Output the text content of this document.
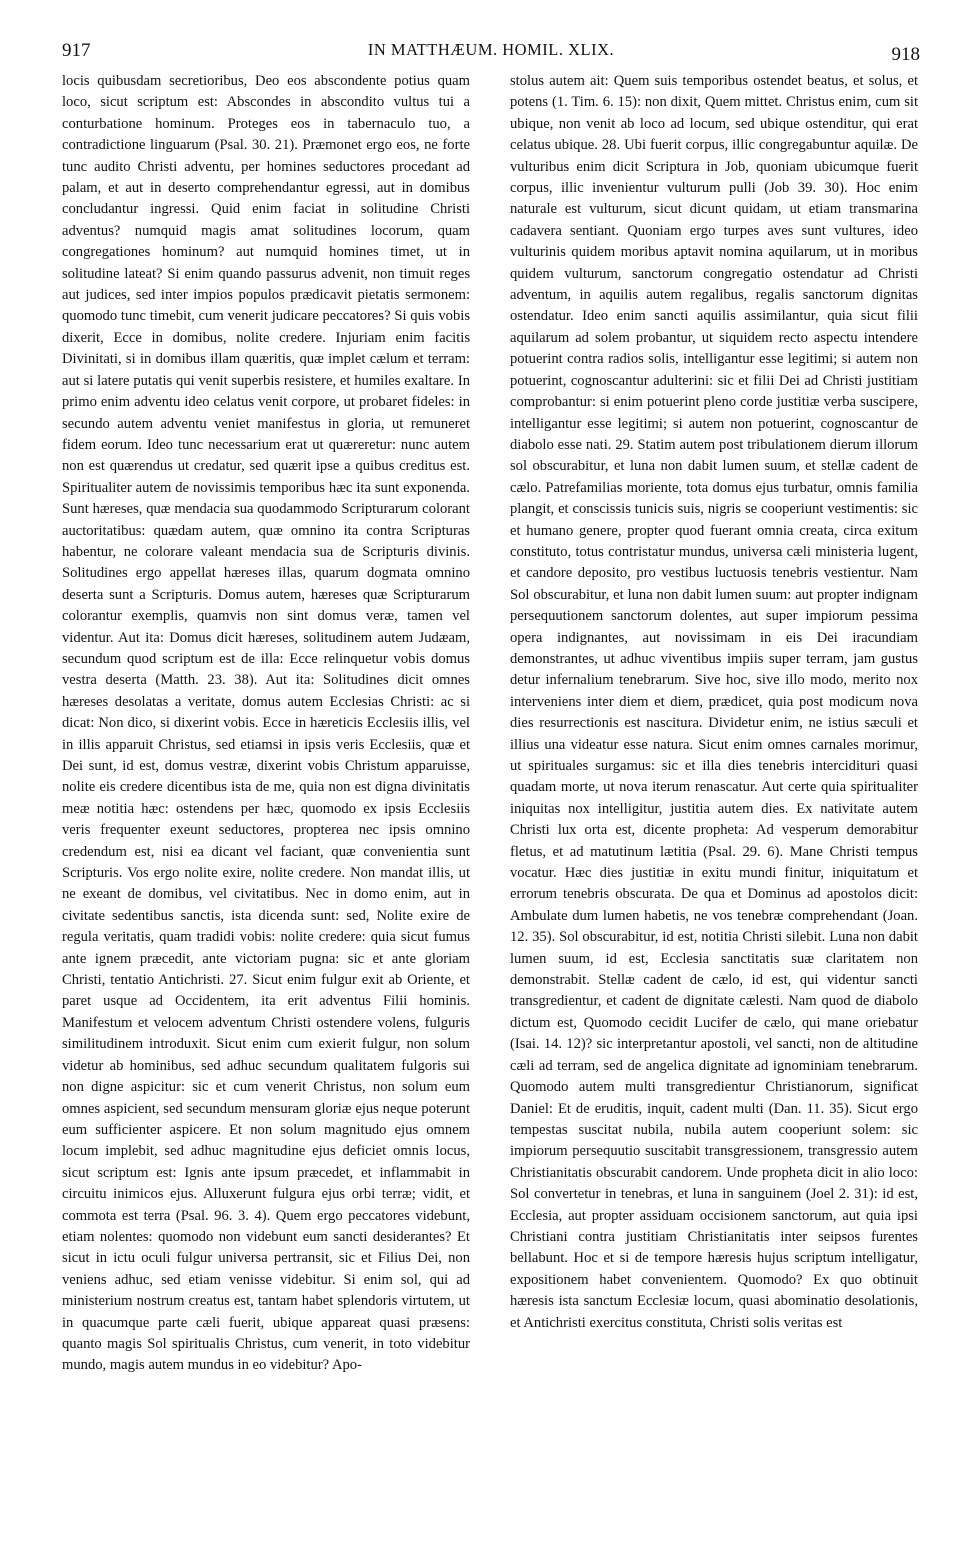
917	IN MATTHÆUM. HOMIL. XLIX.	918

locis quibusdam secretioribus, Deo eos abscondente potius quam loco, sicut scriptum est: Abscondes in abscondito vultus tui a conturbatione hominum. Proteges eos in tabernaculo tuo, a contradictione linguarum (Psal. 30. 21). Præmonet ergo eos, ne forte tunc audito Christi adventu, per homines seductores procedant ad palam, et aut in deserto comprehendantur egressi, aut in domibus concludantur ingressi. Quid enim faciat in solitudine Christi adventus? numquid magis amat solitudines locorum, quam congregationes hominum? aut numquid homines timet, ut in solitudine lateat? Si enim quando passurus advenit, non timuit reges aut judices, sed inter impios populos prædicavit pietatis sermonem: quomodo tunc timebit, cum venerit judicare peccatores? Si quis vobis dixerit, Ecce in domibus, nolite credere. Injuriam enim facitis Divinitati, si in domibus illam quæritis, quæ implet cælum et terram: aut si latere putatis qui venit superbis resistere, et humiles exaltare. In primo enim adventu ideo celatus venit corpore, ut probaret fideles: in secundo autem adventu veniet manifestus in gloria, ut remuneret fidem eorum. Ideo tunc necessarium erat ut quæreretur: nunc autem non est quærendus ut credatur, sed quærit ipse a quibus creditus est. Spiritualiter autem de novissimis temporibus hæc ita sunt exponenda. Sunt hæreses, quæ mendacia sua quodammodo Scripturarum colorant auctoritatibus: quædam autem, quæ omnino ita contra Scripturas habentur, ne colorare valeant mendacia sua de Scripturis divinis. Solitudines ergo appellat hæreses illas, quarum dogmata omnino deserta sunt a Scripturis. Domus autem, hæreses quæ Scripturarum colorantur exemplis, quamvis non sint domus veræ, tamen vel videntur. Aut ita: Domus dicit hæreses, solitudinem autem Judæam, secundum quod scriptum est de illa: Ecce relinquetur vobis domus vestra deserta (Matth. 23. 38). Aut ita: Solitudines dicit omnes hæreses desolatas a veritate, domus autem Ecclesias Christi: ac si dicat: Non dico, si dixerint vobis. Ecce in hæreticis Ecclesiis illis, vel in illis apparuit Christus, sed etiamsi in ipsis veris Ecclesiis, quæ et Dei sunt, id est, domus vestræ, dixerint vobis Christum apparuisse, nolite eis credere dicentibus ista de me, quia non est digna divinitatis meæ notitia hæc: ostendens per hæc, quomodo ex ipsis Ecclesiis veris frequenter exeunt seductores, propterea nec ipsis omnino credendum est, nisi ea dicant vel faciant, quæ convenientia sunt Scripturis. Vos ergo nolite exire, nolite credere. Non mandat illis, ut ne exeant de domibus, vel civitatibus. Nec in domo enim, aut in civitate sedentibus sanctis, ista dicenda sunt: sed, Nolite exire de regula veritatis, quam tradidi vobis: nolite credere: quia sicut fumus ante ignem præcedit, ante victoriam pugna: sic et ante gloriam Christi, tentatio Antichristi. 27. Sicut enim fulgur exit ab Oriente, et paret usque ad Occidentem, ita erit adventus Filii hominis. Manifestum et velocem adventum Christi ostendere volens, fulguris similitudinem introduxit. Sicut enim cum exierit fulgur, non solum videtur ab hominibus, sed adhuc secundum qualitatem fulgoris sui non digne aspicitur: sic et cum venerit Christus, non solum eum omnes aspicient, sed secundum mensuram gloriæ ejus neque poterunt eum sufficienter aspicere. Et non solum magnitudo ejus omnem locum implebit, sed adhuc magnitudine ejus deficiet omnis locus, sicut scriptum est: Ignis ante ipsum præcedet, et inflammabit in circuitu inimicos ejus. Alluxerunt fulgura ejus orbi terræ; vidit, et commota est terra (Psal. 96. 3. 4). Quem ergo peccatores videbunt, etiam nolentes: quomodo non videbunt eum sancti desiderantes? Et sicut in ictu oculi fulgur universa pertransit, sic et Filius Dei, non veniens adhuc, sed etiam venisse videbitur. Si enim sol, qui ad ministerium nostrum creatus est, tantam habet splendoris virtutem, ut in quacumque parte cæli fuerit, ubique appareat quasi præsens: quanto magis Sol spiritualis Christus, cum venerit, in toto videbitur mundo, magis autem mundus in eo videbitur? Apo-

stolus autem ait: Quem suis temporibus ostendet beatus, et solus, et potens (1. Tim. 6. 15): non dixit, Quem mittet. Christus enim, cum sit ubique, non venit ab loco ad locum, sed ubique ostenditur, qui erat celatus ubique. 28. Ubi fuerit corpus, illic congregabuntur aquilæ. De vulturibus enim dicit Scriptura in Job, quoniam ubicumque fuerit corpus, illic invenientur vulturum pulli (Job 39. 30). Hoc enim naturale est vulturum, sicut dicunt quidam, ut etiam transmarina cadavera sentiant. Quoniam ergo turpes aves sunt vultures, ideo vulturinis quidem moribus aptavit nomina aquilarum, ut in moribus quidem vulturum, sanctorum congregatio ostendatur ad Christi adventum, in aquilis autem regalibus, regalis sanctorum dignitas ostendatur. Ideo enim sancti aquilis assimilantur, quia sicut filii aquilarum ad solem probantur, ut siquidem recto aspectu intendere potuerint contra radios solis, intelligantur esse legitimi; si autem non potuerint, cognoscantur adulterini: sic et filii Dei ad Christi justitiam comprobantur: si enim potuerint pleno corde justitiæ verba suscipere, intelligantur esse legitimi; si autem non potuerint, cognoscantur de diabolo esse nati. 29. Statim autem post tribulationem dierum illorum sol obscurabitur, et luna non dabit lumen suum, et stellæ cadent de cælo. Patrefamilias moriente, tota domus ejus turbatur, omnis familia plangit, et conscissis tunicis suis, nigris se cooperiunt vestimentis: sic et humano genere, propter quod fuerant omnia creata, circa exitum constituto, totus contristatur mundus, universa cæli ministeria lugent, et candore deposito, pro vestibus luctuosis tenebris vestientur. Nam Sol obscurabitur, et luna non dabit lumen suum: aut propter indignam persequutionem sanctorum dolentes, aut super impiorum pessima opera indignantes, aut novissimam in eis Dei iracundiam demonstrantes, ut adhuc viventibus impiis super terram, jam gustus detur infernalium tenebrarum. Sive hoc, sive illo modo, merito nox interveniens inter diem et diem, prædicet, quia post modicum nova dies resurrectionis est nascitura. Dividetur enim, ne istius sæculi et illius una videatur esse natura. Sicut enim omnes carnales morimur, ut spirituales surgamus: sic et illa dies tenebris intercidituri quasi quadam morte, ut nova iterum renascatur. Aut certe quia spiritualiter iniquitas nox intelligitur, justitia autem dies. Ex nativitate autem Christi lux orta est, dicente propheta: Ad vesperum demorabitur fletus, et ad matutinum lætitia (Psal. 29. 6). Mane Christi tempus vocatur. Hæc dies justitiæ in exitu mundi finitur, iniquitatum et errorum tenebris obscurata. De qua et Dominus ad apostolos dicit: Ambulate dum lumen habetis, ne vos tenebræ comprehendant (Joan. 12. 35). Sol obscurabitur, id est, notitia Christi silebit. Luna non dabit lumen suum, id est, Ecclesia sanctitatis suæ claritatem non demonstrabit. Stellæ cadent de cælo, id est, qui videntur sancti transgredientur, et cadent de dignitate cælesti. Nam quod de diabolo dictum est, Quomodo cecidit Lucifer de cælo, qui mane oriebatur (Isai. 14. 12)? sic interpretantur apostoli, vel sancti, non de altitudine cæli ad terram, sed de angelica dignitate ad ignominiam tenebrarum. Quomodo autem multi transgredientur Christianorum, significat Daniel: Et de eruditis, inquit, cadent multi (Dan. 11. 35). Sicut ergo tempestas suscitat nubila, nubila autem cooperiunt solem: sic impiorum persequutio suscitabit transgressionem, transgressio autem Christianitatis obscurabit candorem. Unde propheta dicit in alio loco: Sol convertetur in tenebras, et luna in sanguinem (Joel 2. 31): id est, Ecclesia, aut propter assiduam occisionem sanctorum, aut quia ipsi Christiani contra justitiam Christianitatis inter seipsos furentes bellabunt. Hoc et si de tempore hæresis hujus scriptum intelligatur, expositionem habet convenientem. Quomodo? Ex quo obtinuit hæresis ista sanctum Ecclesiæ locum, quasi abominatio desolationis, et Antichristi exercitus constituta, Christi solis veritas est
